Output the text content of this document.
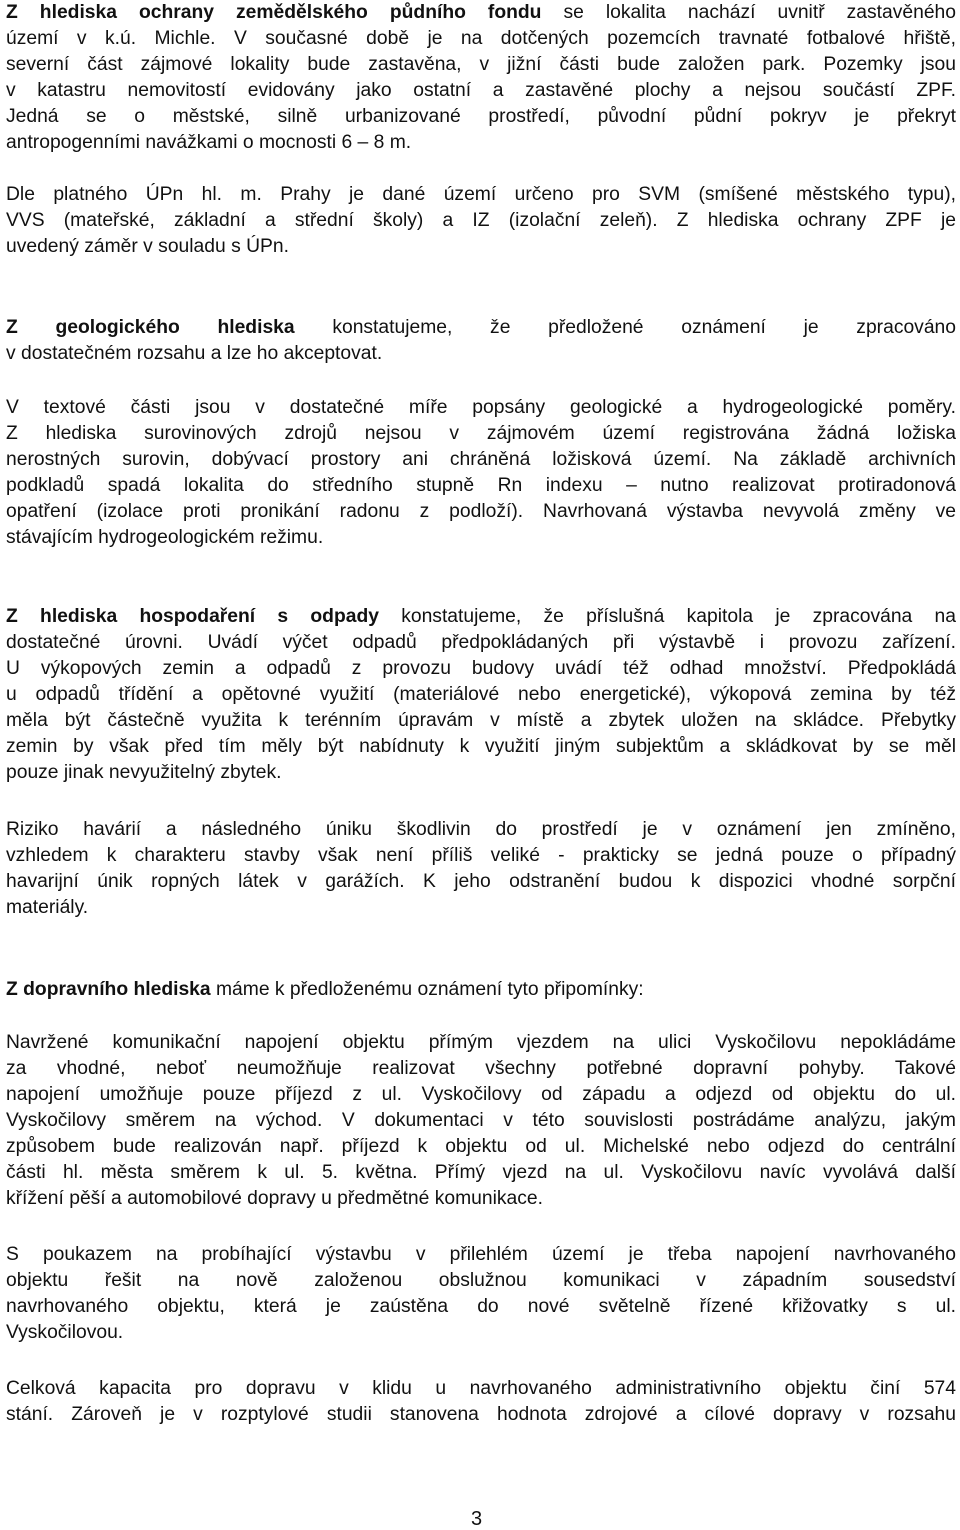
Z hlediska ochrany zemědělského půdního fondu se lokalita nachází uvnitř zastavěného
území v k.ú. Michle. V současné době je na dotčených pozemcích travnaté fotbalové hřiště,
severní část zájmové lokality bude zastavěna, v jižní části bude založen park. Pozemky jsou
v katastru nemovitostí evidovány jako ostatní a zastavěné plochy a nejsou součástí ZPF.
Jedná se o městské, silně urbanizované prostředí, původní půdní pokryv je překryt
antropogenními navážkami o mocnosti 6 – 8 m.
Dle platného ÚPn hl. m. Prahy je dané území určeno pro SVM (smíšené městského typu),
VVS (mateřské, základní a střední školy) a IZ (izolační zeleň). Z hlediska ochrany ZPF je
uvedený záměr v souladu s ÚPn.
Z geologického hlediska konstatujeme, že předložené oznámení je zpracováno
v dostatečném rozsahu a lze ho akceptovat.
V textové části jsou v dostatečné míře popsány geologické a hydrogeologické poměry.
Z hlediska surovinových zdrojů nejsou v zájmovém území registrována žádná ložiska
nerostných surovin, dobývací prostory ani chráněná ložisková území. Na základě archivních
podkladů spadá lokalita do středního stupně Rn indexu – nutno realizovat protiradonová
opatření (izolace proti pronikání radonu z podloží). Navrhovaná výstavba nevyvolá změny ve
stávajícím hydrogeologickém režimu.
Z hlediska hospodaření s odpady konstatujeme, že příslušná kapitola je zpracována na
dostatečné úrovni. Uvádí výčet odpadů předpokládaných při výstavbě i provozu zařízení.
U výkopových zemin a odpadů z provozu budovy uvádí též odhad množství. Předpokládá
u odpadů třídění a opětovné využití (materiálové nebo energetické), výkopová zemina by též
měla být částečně využita k terénním úpravám v místě a zbytek uložen na skládce. Přebytky
zemin by však před tím měly být nabídnuty k využití jiným subjektům a skládkovat by se měl
pouze jinak nevyužitelný zbytek.
Riziko havárií a následného úniku škodlivin do prostředí je v oznámení jen zmíněno,
vzhledem k charakteru stavby však není příliš veliké - prakticky se jedná pouze o případný
havarijní únik ropných látek v garážích. K jeho odstranění budou k dispozici vhodné sorpční
materiály.
Z dopravního hlediska máme k předloženému oznámení tyto připomínky:
Navržené komunikační napojení objektu přímým vjezdem na ulici Vyskočilovu nepokládáme
za vhodné, neboť neumožňuje realizovat všechny potřebné dopravní pohyby. Takové
napojení umožňuje pouze příjezd z ul. Vyskočilovy od západu a odjezd od objektu do ul.
Vyskočilovy směrem na východ. V dokumentaci v této souvislosti postrádáme analýzu, jakým
způsobem bude realizován např. příjezd k objektu od ul. Michelské nebo odjezd do centrální
části hl. města směrem k ul. 5. května. Přímý vjezd na ul. Vyskočilovu navíc vyvolává další
křížení pěší a automobilové dopravy u předmětné komunikace.
S poukazem na probíhající výstavbu v přilehlém území je třeba napojení navrhovaného
objektu řešit na nově založenou obslužnou komunikaci v západním sousedství
navrhovaného objektu, která je zaústěna do nové světelně řízené křižovatky s ul.
Vyskočilovou.
Celková kapacita pro dopravu v klidu u navrhovaného administrativního objektu činí 574
stání. Zároveň je v rozptylové studii stanovena hodnota zdrojové a cílové dopravy v rozsahu
3
